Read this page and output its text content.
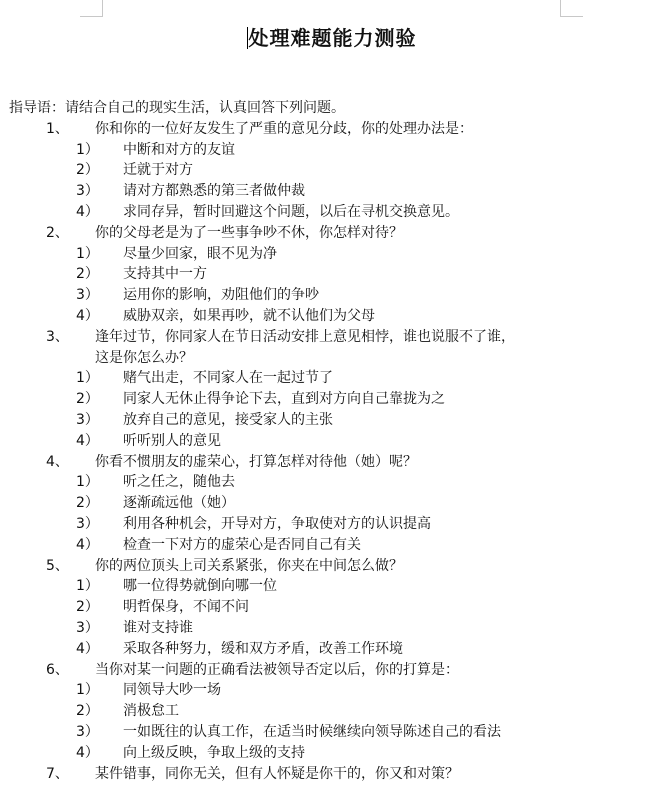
处理难题能力测验
指导语：请结合自己的现实生活，认真回答下列问题。
1、 你和你的一位好友发生了严重的意见分歧，你的处理办法是：
1） 中断和对方的友谊
2） 迁就于对方
3） 请对方都熟悉的第三者做仲裁
4） 求同存异，暂时回避这个问题，以后在寻机交换意见。
2、 你的父母老是为了一些事争吵不休，你怎样对待？
1） 尽量少回家，眼不见为净
2） 支持其中一方
3） 运用你的影响，劝阻他们的争吵
4） 威胁双亲，如果再吵，就不认他们为父母
3、 逢年过节，你同家人在节日活动安排上意见相悖，谁也说服不了谁，
这是你怎么办？
1） 赌气出走，不同家人在一起过节了
2） 同家人无休止得争论下去，直到对方向自己靠拢为之
3） 放弃自己的意见，接受家人的主张
4） 听听别人的意见
4、 你看不惯朋友的虚荣心，打算怎样对待他（她）呢？
1） 听之任之，随他去
2） 逐渐疏远他（她）
3） 利用各种机会，开导对方，争取使对方的认识提高
4） 检查一下对方的虚荣心是否同自己有关
5、 你的两位顶头上司关系紧张，你夹在中间怎么做？
1） 哪一位得势就倒向哪一位
2） 明哲保身，不闻不问
3） 谁对支持谁
4） 采取各种努力，缓和双方矛盾，改善工作环境
6、 当你对某一问题的正确看法被领导否定以后，你的打算是：
1） 同领导大吵一场
2） 消极怠工
3） 一如既往的认真工作，在适当时候继续向领导陈述自己的看法
4） 向上级反映，争取上级的支持
7、 某件错事，同你无关，但有人怀疑是你干的，你又和对策？
